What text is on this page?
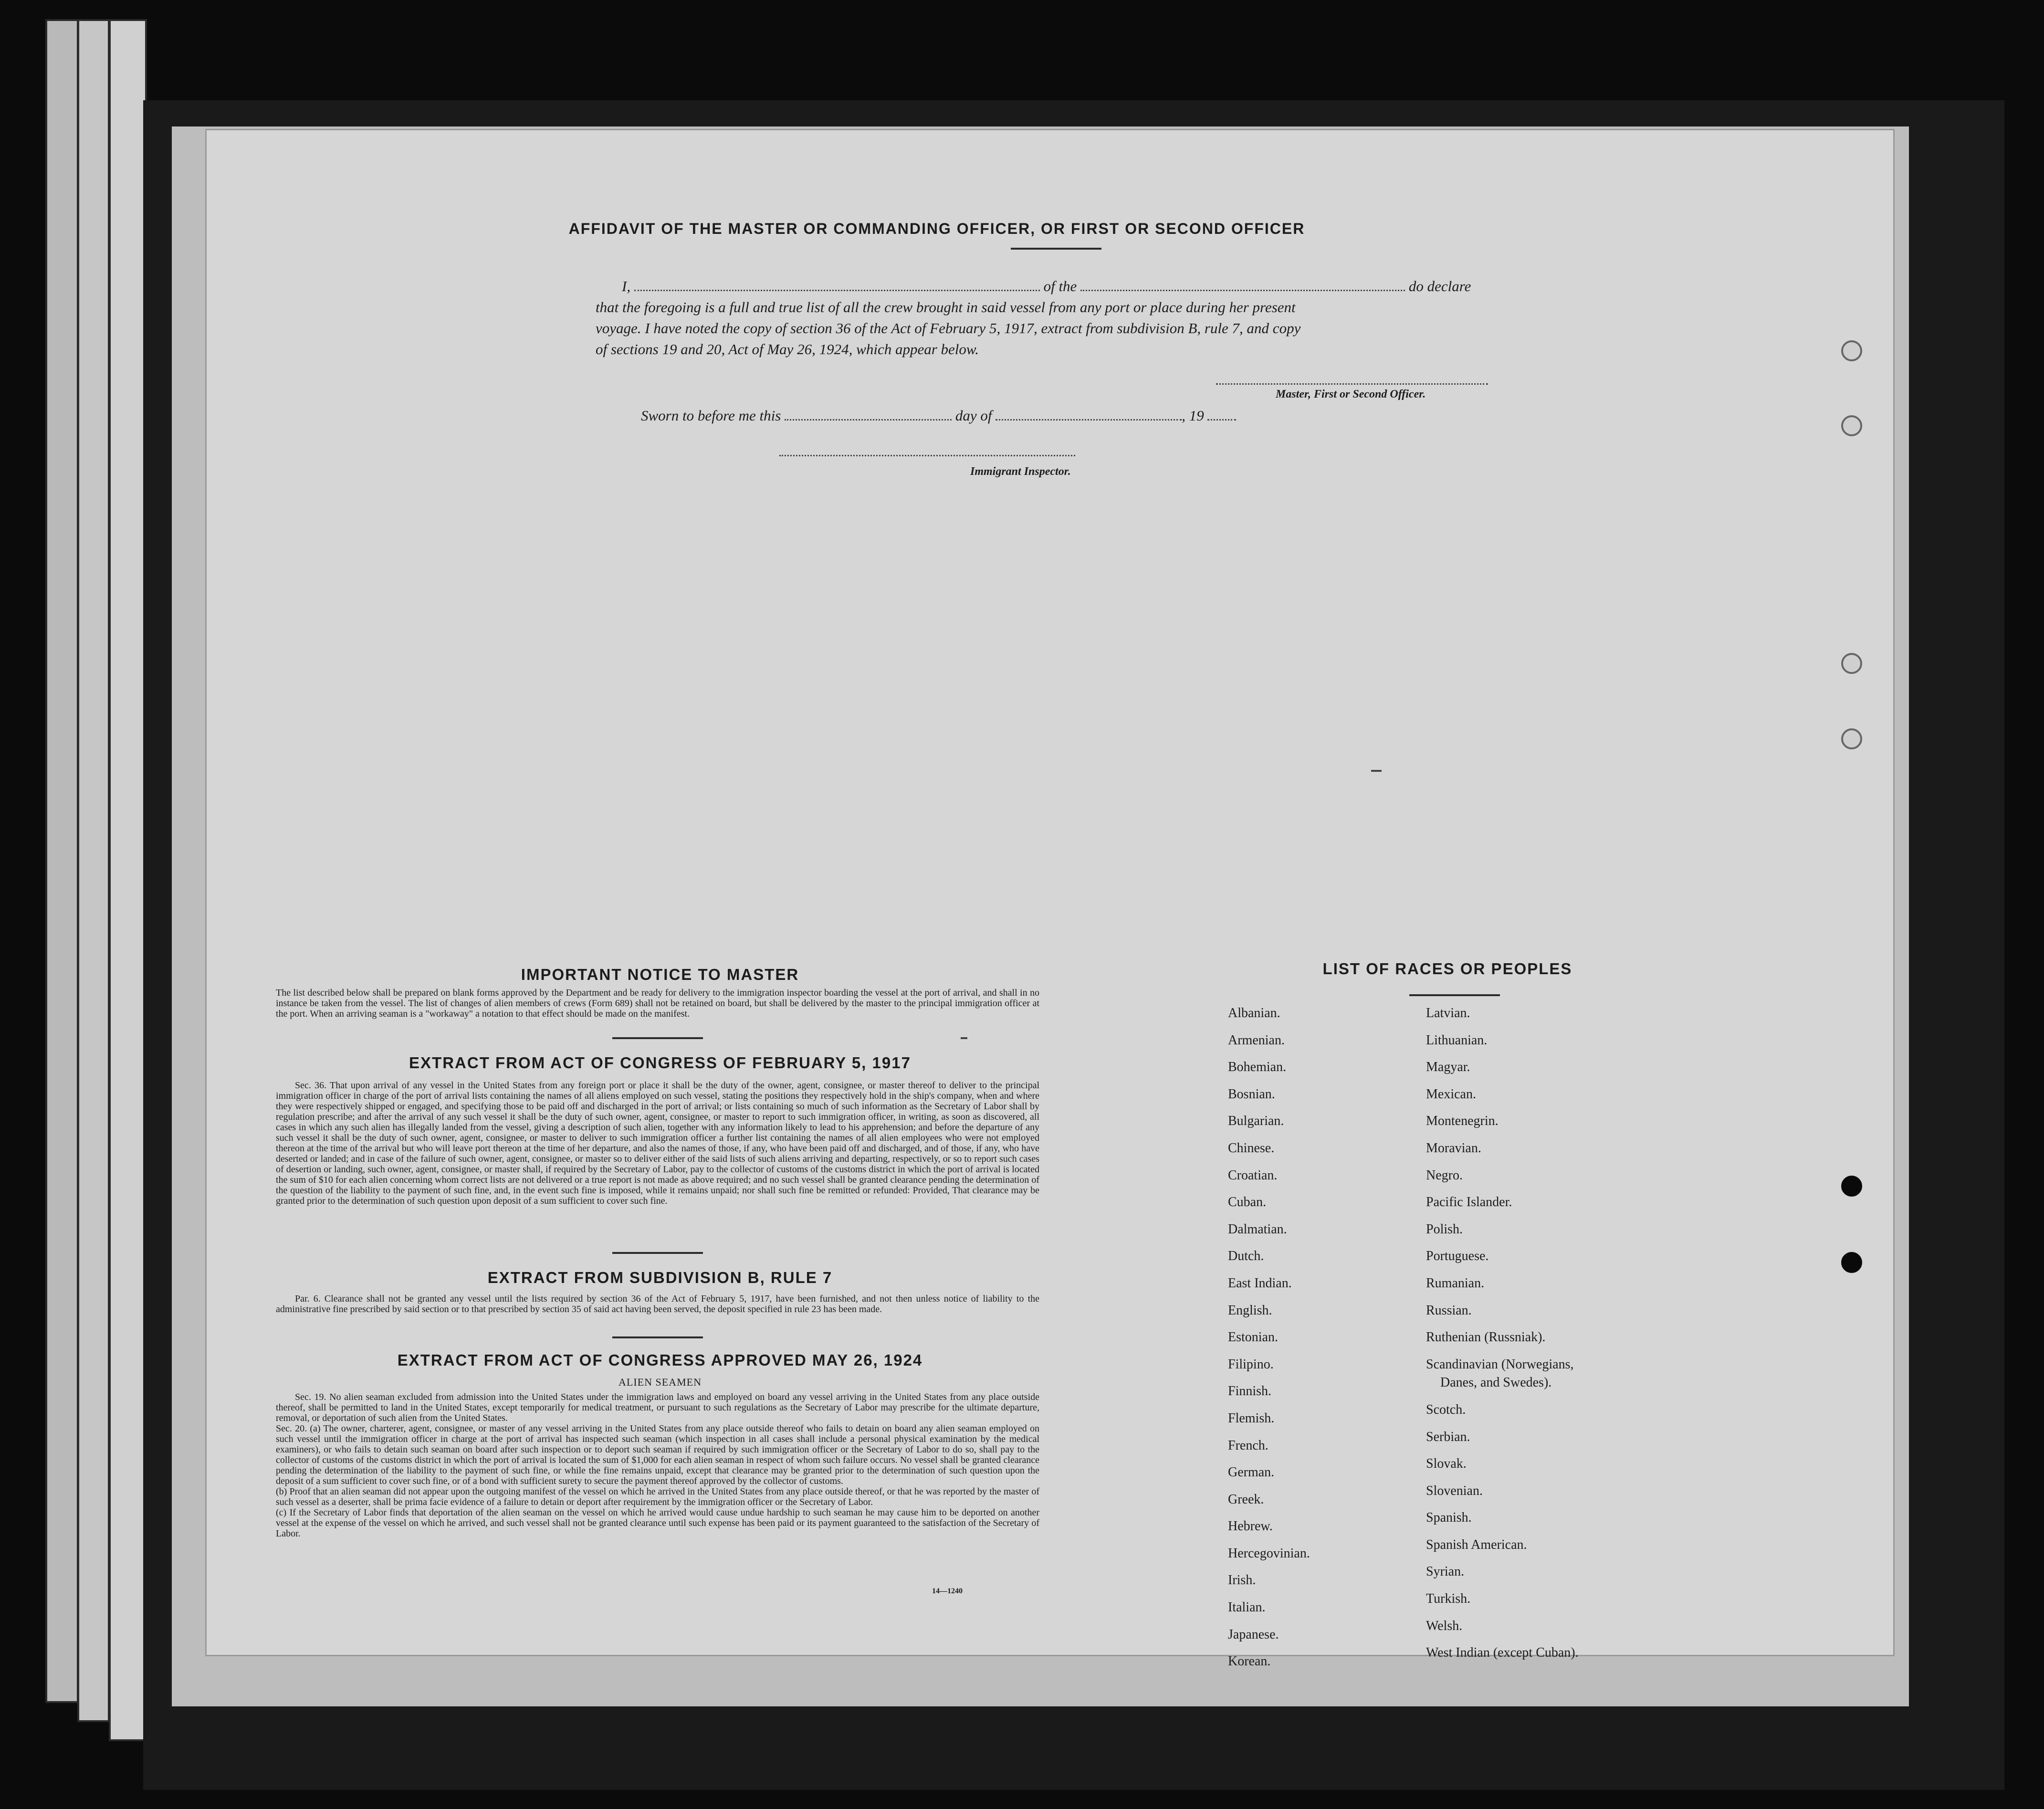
AFFIDAVIT OF THE MASTER OR COMMANDING OFFICER, OR FIRST OR SECOND OFFICER
I,	of the	do declare
that the foregoing is a full and true list of all the crew brought in said vessel from any port or place during her present
voyage. I have noted the copy of section 36 of the Act of February 5, 1917, extract from subdivision B, rule 7, and copy
of sections 19 and 20, Act of May 26, 1924, which appear below.
Master, First or Second Officer.
Sworn to before me this	day of	, 19
Immigrant Inspector.
IMPORTANT NOTICE TO MASTER
The list described below shall be prepared on blank forms approved by the Department and be ready for delivery to the immigration inspector boarding the vessel at the port of arrival, and shall in no instance be taken from the vessel. The list of changes of alien members of crews (Form 689) shall not be retained on board, but shall be delivered by the master to the principal immigration officer at the port. When an arriving seaman is a "workaway" a notation to that effect should be made on the manifest.
EXTRACT FROM ACT OF CONGRESS OF FEBRUARY 5, 1917
Sec. 36. That upon arrival of any vessel in the United States from any foreign port or place it shall be the duty of the owner, agent, consignee, or master thereof to deliver to the principal immigration officer in charge of the port of arrival lists containing the names of all aliens employed on such vessel, stating the positions they respectively hold in the ship's company, when and where they were respectively shipped or engaged, and specifying those to be paid off and discharged in the port of arrival; or lists containing so much of such information as the Secretary of Labor shall by regulation prescribe; and after the arrival of any such vessel it shall be the duty of such owner, agent, consignee, or master to report to such immigration officer, in writing, as soon as discovered, all cases in which any such alien has illegally landed from the vessel, giving a description of such alien, together with any information likely to lead to his apprehension; and before the departure of any such vessel it shall be the duty of such owner, agent, consignee, or master to deliver to such immigration officer a further list containing the names of all alien employees who were not employed thereon at the time of the arrival but who will leave port thereon at the time of her departure, and also the names of those, if any, who have been paid off and discharged, and of those, if any, who have deserted or landed; and in case of the failure of such owner, agent, consignee, or master so to deliver either of the said lists of such aliens arriving and departing, respectively, or so to report such cases of desertion or landing, such owner, agent, consignee, or master shall, if required by the Secretary of Labor, pay to the collector of customs of the customs district in which the port of arrival is located the sum of $10 for each alien concerning whom correct lists are not delivered or a true report is not made as above required; and no such vessel shall be granted clearance pending the determination of the question of the liability to the payment of such fine, and, in the event such fine is imposed, while it remains unpaid; nor shall such fine be remitted or refunded: Provided, That clearance may be granted prior to the determination of such question upon deposit of a sum sufficient to cover such fine.
EXTRACT FROM SUBDIVISION B, RULE 7
Par. 6. Clearance shall not be granted any vessel until the lists required by section 36 of the Act of February 5, 1917, have been furnished, and not then unless notice of liability to the administrative fine prescribed by said section or to that prescribed by section 35 of said act having been served, the deposit specified in rule 23 has been made.
EXTRACT FROM ACT OF CONGRESS APPROVED MAY 26, 1924
ALIEN SEAMEN
Sec. 19. No alien seaman excluded from admission into the United States under the immigration laws and employed on board any vessel arriving in the United States from any place outside thereof, shall be permitted to land in the United States, except temporarily for medical treatment, or pursuant to such regulations as the Secretary of Labor may prescribe for the ultimate departure, removal, or deportation of such alien from the United States.
Sec. 20. (a) The owner, charterer, agent, consignee, or master of any vessel arriving in the United States from any place outside thereof who fails to detain on board any alien seaman employed on such vessel until the immigration officer in charge at the port of arrival has inspected such seaman (which inspection in all cases shall include a personal physical examination by the medical examiners), or who fails to detain such seaman on board after such inspection or to deport such seaman if required by such immigration officer or the Secretary of Labor to do so, shall pay to the collector of customs of the customs district in which the port of arrival is located the sum of $1,000 for each alien seaman in respect of whom such failure occurs. No vessel shall be granted clearance pending the determination of the liability to the payment of such fine, or while the fine remains unpaid, except that clearance may be granted prior to the determination of such question upon the deposit of a sum sufficient to cover such fine, or of a bond with sufficient surety to secure the payment thereof approved by the collector of customs.
(b) Proof that an alien seaman did not appear upon the outgoing manifest of the vessel on which he arrived in the United States from any place outside thereof, or that he was reported by the master of such vessel as a deserter, shall be prima facie evidence of a failure to detain or deport after requirement by the immigration officer or the Secretary of Labor.
(c) If the Secretary of Labor finds that deportation of the alien seaman on the vessel on which he arrived would cause undue hardship to such seaman he may cause him to be deported on another vessel at the expense of the vessel on which he arrived, and such vessel shall not be granted clearance until such expense has been paid or its payment guaranteed to the satisfaction of the Secretary of Labor.
14—1240
LIST OF RACES OR PEOPLES
Albanian.
Armenian.
Bohemian.
Bosnian.
Bulgarian.
Chinese.
Croatian.
Cuban.
Dalmatian.
Dutch.
East Indian.
English.
Estonian.
Filipino.
Finnish.
Flemish.
French.
German.
Greek.
Hebrew.
Hercegovinian.
Irish.
Italian.
Japanese.
Korean.
Latvian.
Lithuanian.
Magyar.
Mexican.
Montenegrin.
Moravian.
Negro.
Pacific Islander.
Polish.
Portuguese.
Rumanian.
Russian.
Ruthenian (Russniak).
Scandinavian (Norwegians,
Danes, and Swedes).
Scotch.
Serbian.
Slovak.
Slovenian.
Spanish.
Spanish American.
Syrian.
Turkish.
Welsh.
West Indian (except Cuban).
